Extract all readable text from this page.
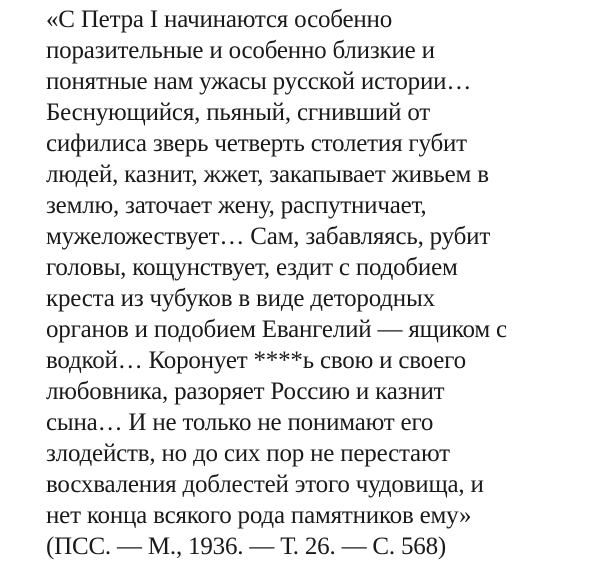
«С Петра I начинаются особенно
поразительные и особенно близкие и
понятные нам ужасы русской истории…
Беснующийся, пьяный, сгнивший от
сифилиса зверь четверть столетия губит
людей, казнит, жжет, закапывает живьем в
землю, заточает жену, распутничает,
мужеложествует… Сам, забавляясь, рубит
головы, кощунствует, ездит с подобием
креста из чубуков в виде детородных
органов и подобием Евангелий — ящиком с
водкой… Коронует ****ь свою и своего
любовника, разоряет Россию и казнит
сына… И не только не понимают его
злодейств, но до сих пор не перестают
восхваления доблестей этого чудовища, и
нет конца всякого рода памятников ему»
(ПСС. — М., 1936. — Т. 26. — С. 568)
